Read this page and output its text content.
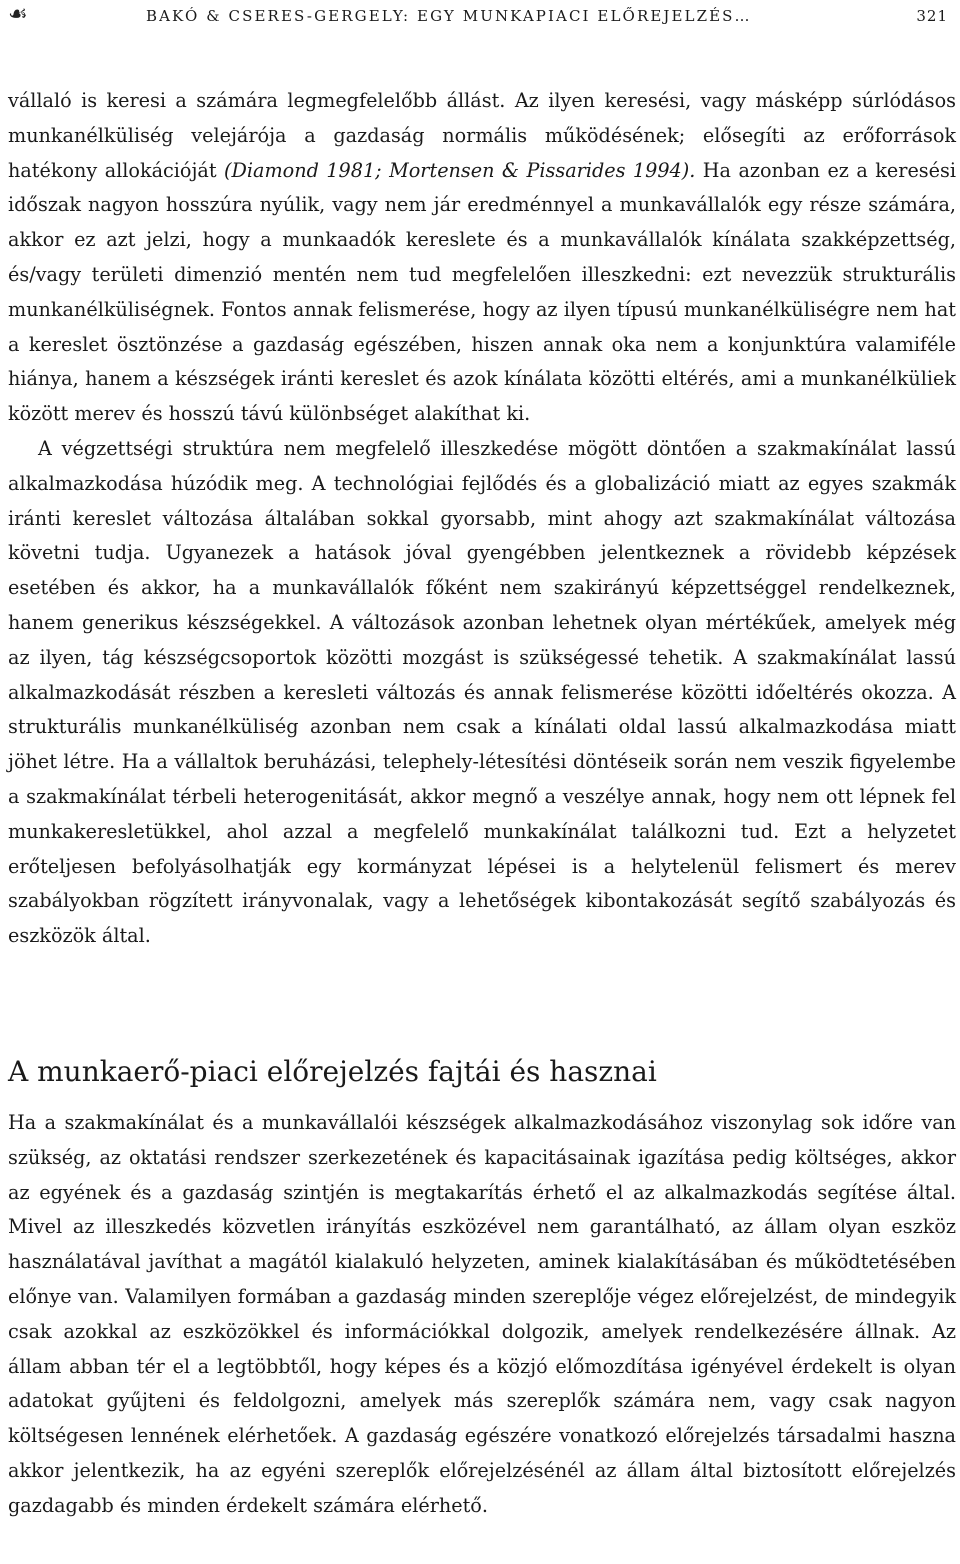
☙	BAKÓ & CSERES-GERGELY: EGY MUNKAPIACI ELŐREJELZÉS…	321

vállaló is keresi a számára legmegfelelőbb állást. Az ilyen keresési, vagy másképp súrlódásos munkanélküliség velejárója a gazdaság normális működésének; elősegíti az erőforrások hatékony allokációját (Diamond 1981; Mortensen & Pissarides 1994). Ha azonban ez a keresési időszak nagyon hosszúra nyúlik, vagy nem jár eredménnyel a munkavállalók egy része számára, akkor ez azt jelzi, hogy a munkaadók kereslete és a munkavállalók kínálata szakképzettség, és/vagy területi dimenzió mentén nem tud megfelelően illeszkedni: ezt nevezzük strukturális munkanélküliségnek. Fontos annak felismerése, hogy az ilyen típusú munkanélküliségre nem hat a kereslet ösztönzése a gazdaság egészében, hiszen annak oka nem a konjunktúra valamiféle hiánya, hanem a készségek iránti kereslet és azok kínálata közötti eltérés, ami a munkanélküliek között merev és hosszú távú különbséget alakíthat ki.

A végzettségi struktúra nem megfelelő illeszkedése mögött döntően a szakmakínálat lassú alkalmazkodása húzódik meg. A technológiai fejlődés és a globalizáció miatt az egyes szakmák iránti kereslet változása általában sokkal gyorsabb, mint ahogy azt szakmakínálat változása követni tudja. Ugyanezek a hatások jóval gyengébben jelentkeznek a rövidebb képzések esetében és akkor, ha a munkavállalók főként nem szakirányú képzettséggel rendelkeznek, hanem generikus készségekkel. A változások azonban lehetnek olyan mértékűek, amelyek még az ilyen, tág készségcsoportok közötti mozgást is szükségessé tehetik. A szakmakínálat lassú alkalmazkodását részben a keresleti változás és annak felismerése közötti időeltérés okozza. A strukturális munkanélküliség azonban nem csak a kínálati oldal lassú alkalmazkodása miatt jöhet létre. Ha a vállaltok beruházási, telephely-létesítési döntéseik során nem veszik figyelembe a szakmakínálat térbeli heterogenitását, akkor megnő a veszélye annak, hogy nem ott lépnek fel munkakeresletükkel, ahol azzal a megfelelő munkakínálat találkozni tud. Ezt a helyzetet erőteljesen befolyásolhatják egy kormányzat lépései is a helytelenül felismert és merev szabályokban rögzített irányvonalak, vagy a lehetőségek kibontakozását segítő szabályozás és eszközök által.

A munkaerő-piaci előrejelzés fajtái és hasznai

Ha a szakmakínálat és a munkavállalói készségek alkalmazkodásához viszonylag sok időre van szükség, az oktatási rendszer szerkezetének és kapacitásainak igazítása pedig költséges, akkor az egyének és a gazdaság szintjén is megtakarítás érhető el az alkalmazkodás segítése által. Mivel az illeszkedés közvetlen irányítás eszközével nem garantálható, az állam olyan eszköz használatával javíthat a magától kialakuló helyzeten, aminek kialakításában és működtetésében előnye van. Valamilyen formában a gazdaság minden szereplője végez előrejelzést, de mindegyik csak azokkal az eszközökkel és információkkal dolgozik, amelyek rendelkezésére állnak. Az állam abban tér el a legtöbbtől, hogy képes és a közjó előmozdítása igényével érdekelt is olyan adatokat gyűjteni és feldolgozni, amelyek más szereplők számára nem, vagy csak nagyon költségesen lennének elérhetőek. A gazdaság egészére vonatkozó előrejelzés társadalmi haszna akkor jelentkezik, ha az egyéni szereplők előrejelzésénél az állam által biztosított előrejelzés gazdagabb és minden érdekelt számára elérhető.
